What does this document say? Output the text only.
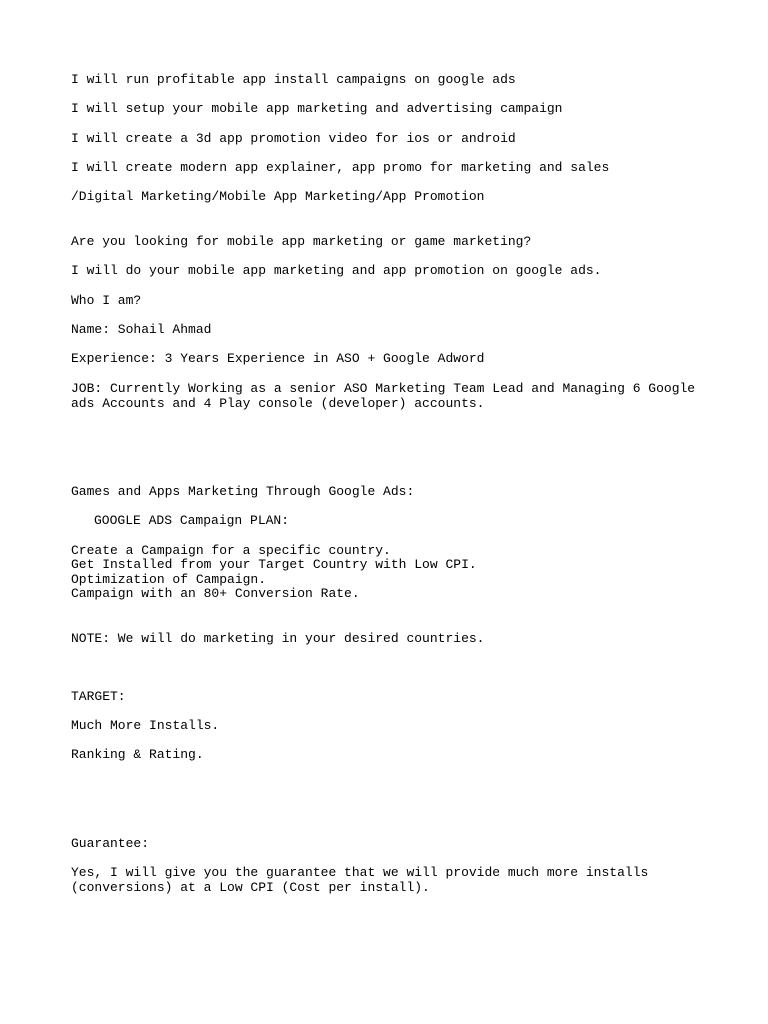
I will run profitable app install campaigns on google ads

I will setup your mobile app marketing and advertising campaign

I will create a 3d app promotion video for ios or android

I will create modern app explainer, app promo for marketing and sales

/Digital Marketing/Mobile App Marketing/App Promotion

Are you looking for mobile app marketing or game marketing?

I will do your mobile app marketing and app promotion on google ads.

Who I am?

Name: Sohail Ahmad

Experience: 3 Years Experience in ASO + Google Adword

JOB: Currently Working as a senior ASO Marketing Team Lead and Managing 6 Google

ads Accounts and 4 Play console (developer) accounts.

Games and Apps Marketing Through Google Ads:

GOOGLE ADS Campaign PLAN:

Create a Campaign for a specific country.

Get Installed from your Target Country with Low CPI.

Optimization of Campaign.

Campaign with an 80+ Conversion Rate.

NOTE: We will do marketing in your desired countries.

TARGET:

Much More Installs.

Ranking & Rating.

Guarantee:

Yes, I will give you the guarantee that we will provide much more installs

(conversions) at a Low CPI (Cost per install).
